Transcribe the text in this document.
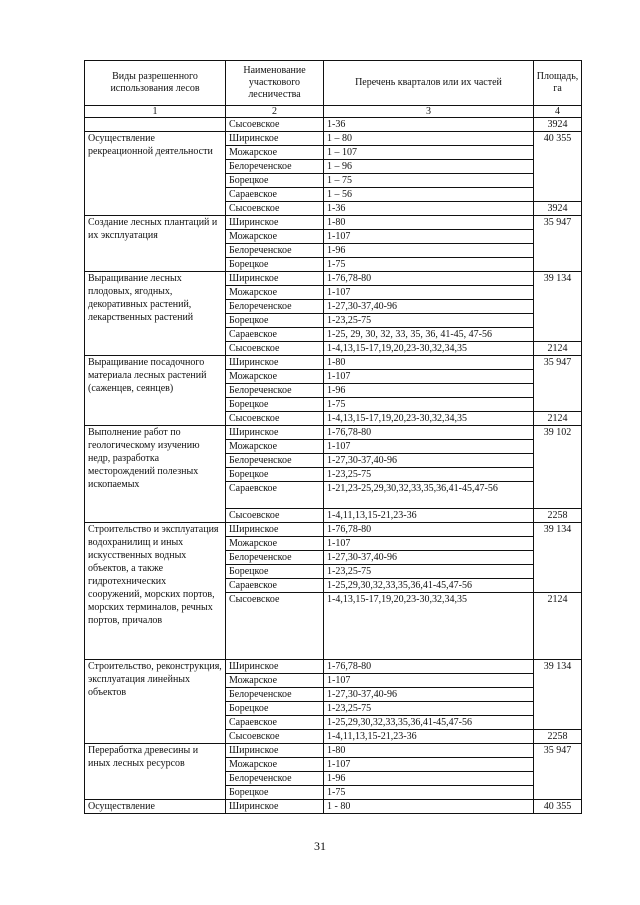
Виды разрешенного использования лесов	Наименование участкового лесничества	Перечень кварталов или их частей	Площадь, га
1	2	3	4
	Сысоевское	1-36	3924
Осуществление рекреационной деятельности	Ширинское	1 – 80	40 355
	Можарское	1 – 107	
	Белореченское	1 – 96	
	Борецкое	1 – 75	
	Сараевское	1 – 56	
	Сысоевское	1-36	3924
Создание лесных плантаций и их эксплуатация	Ширинское	1-80	35 947
	Можарское	1-107	
	Белореченское	1-96	
	Борецкое	1-75	
Выращивание лесных плодовых, ягодных, декоративных растений, лекарственных растений	Ширинское	1-76,78-80	39 134
	Можарское	1-107	
	Белореченское	1-27,30-37,40-96	
	Борецкое	1-23,25-75	
	Сараевское	1-25, 29, 30, 32, 33, 35, 36, 41-45, 47-56	
	Сысоевское	1-4,13,15-17,19,20,23-30,32,34,35	2124
Выращивание посадочного материала лесных растений (саженцев, сеянцев)	Ширинское	1-80	35 947
	Можарское	1-107	
	Белореченское	1-96	
	Борецкое	1-75	
	Сысоевское	1-4,13,15-17,19,20,23-30,32,34,35	2124
Выполнение работ по геологическому изучению недр, разработка месторождений полезных ископаемых	Ширинское	1-76,78-80	39 102
	Можарское	1-107	
	Белореченское	1-27,30-37,40-96	
	Борецкое	1-23,25-75	
	Сараевское	1-21,23-25,29,30,32,33,35,36,41-45,47-56	
	Сысоевское	1-4,11,13,15-21,23-36	2258
Строительство и эксплуатация водохранилищ и иных искусственных водных объектов, а также гидротехнических сооружений, морских портов, морских терминалов, речных портов, причалов	Ширинское	1-76,78-80	39 134
	Можарское	1-107	
	Белореченское	1-27,30-37,40-96	
	Борецкое	1-23,25-75	
	Сараевское	1-25,29,30,32,33,35,36,41-45,47-56	
	Сысоевское	1-4,13,15-17,19,20,23-30,32,34,35	2124
Строительство, реконструкция, эксплуатация линейных объектов	Ширинское	1-76,78-80	39 134
	Можарское	1-107	
	Белореченское	1-27,30-37,40-96	
	Борецкое	1-23,25-75	
	Сараевское	1-25,29,30,32,33,35,36,41-45,47-56	
	Сысоевское	1-4,11,13,15-21,23-36	2258
Переработка древесины и иных лесных ресурсов	Ширинское	1-80	35 947
	Можарское	1-107	
	Белореченское	1-96	
	Борецкое	1-75	
Осуществление	Ширинское	1 - 80	40 355
31
